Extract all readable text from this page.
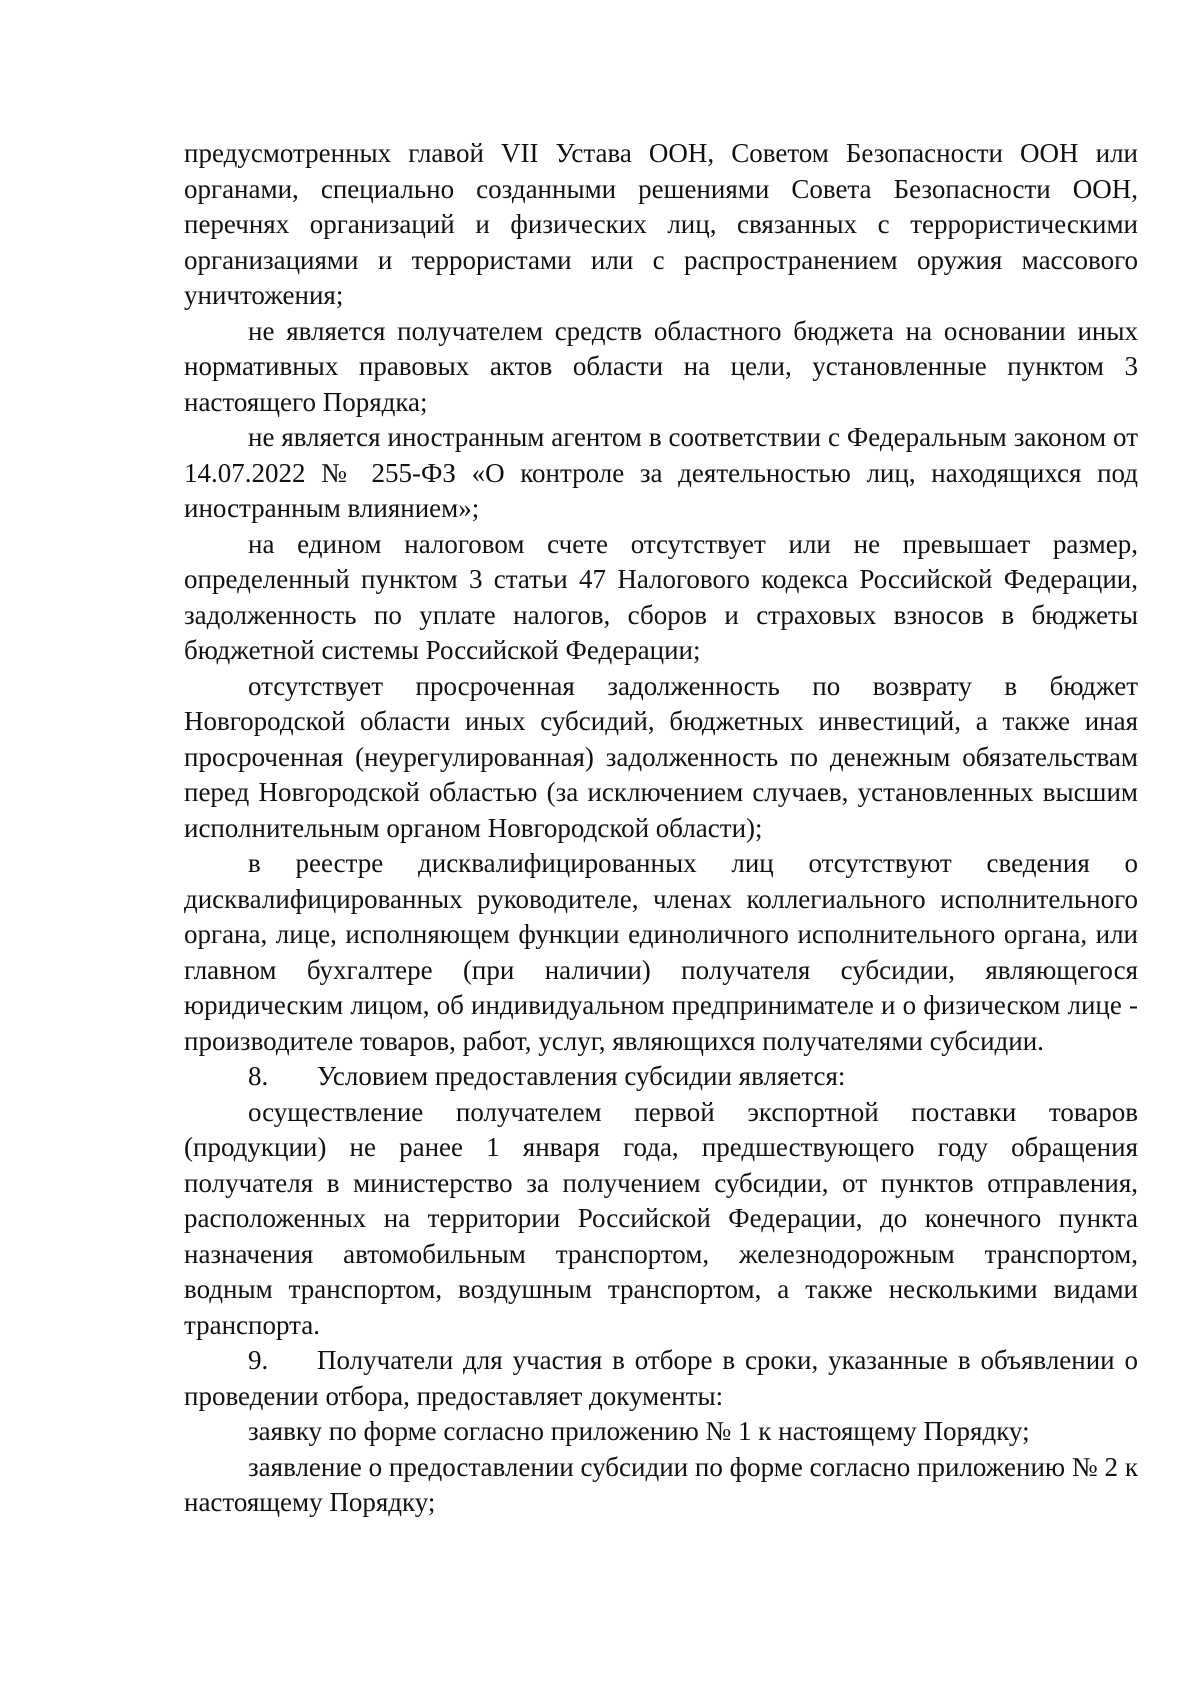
предусмотренных главой VII Устава ООН, Советом Безопасности ООН или органами, специально созданными решениями Совета Безопасности ООН, перечнях организаций и физических лиц, связанных с террористическими организациями и террористами или с распространением оружия массового уничтожения;

не является получателем средств областного бюджета на основании иных нормативных правовых актов области на цели, установленные пунктом 3 настоящего Порядка;

не является иностранным агентом в соответствии с Федеральным законом от 14.07.2022 № 255-ФЗ «О контроле за деятельностью лиц, находящихся под иностранным влиянием»;

на едином налоговом счете отсутствует или не превышает размер, определенный пунктом 3 статьи 47 Налогового кодекса Российской Федерации, задолженность по уплате налогов, сборов и страховых взносов в бюджеты бюджетной системы Российской Федерации;

отсутствует просроченная задолженность по возврату в бюджет Новгородской области иных субсидий, бюджетных инвестиций, а также иная просроченная (неурегулированная) задолженность по денежным обязательствам перед Новгородской областью (за исключением случаев, установленных высшим исполнительным органом Новгородской области);

в реестре дисквалифицированных лиц отсутствуют сведения о дисквалифицированных руководителе, членах коллегиального исполнительного органа, лице, исполняющем функции единоличного исполнительного органа, или главном бухгалтере (при наличии) получателя субсидии, являющегося юридическим лицом, об индивидуальном предпринимателе и о физическом лице - производителе товаров, работ, услуг, являющихся получателями субсидии.

8. Условием предоставления субсидии является:

осуществление получателем первой экспортной поставки товаров (продукции) не ранее 1 января года, предшествующего году обращения получателя в министерство за получением субсидии, от пунктов отправления, расположенных на территории Российской Федерации, до конечного пункта назначения автомобильным транспортом, железнодорожным транспортом, водным транспортом, воздушным транспортом, а также несколькими видами транспорта.

9. Получатели для участия в отборе в сроки, указанные в объявлении о проведении отбора, предоставляет документы:

заявку по форме согласно приложению № 1 к настоящему Порядку;

заявление о предоставлении субсидии по форме согласно приложению № 2 к настоящему Порядку;
